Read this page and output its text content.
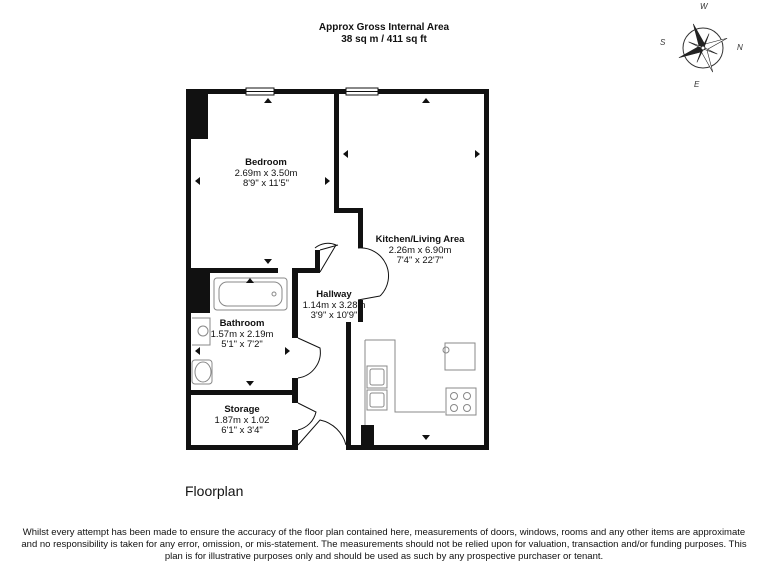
Approx Gross Internal Area
38 sq m / 411 sq ft
W
N
S
E
Bedroom
2.69m x 3.50m
8'9" x 11'5"
Kitchen/Living Area
2.26m x 6.90m
7'4" x 22'7"
Hallway
1.14m x 3.28m
3'9" x 10'9"
Bathroom
1.57m x 2.19m
5'1" x 7'2"
Storage
1.87m x 1.02
6'1" x 3'4"
Floorplan
Whilst every attempt has been made to ensure the accuracy of the floor plan contained here, measurements of doors, windows, rooms and any other items are approximate and no responsibility is taken for any error, omission, or mis-statement. The measurements should not be relied upon for valuation, transaction and/or funding purposes. This plan is for illustrative purposes only and should be used as such by any prospective purchaser or tenant.
